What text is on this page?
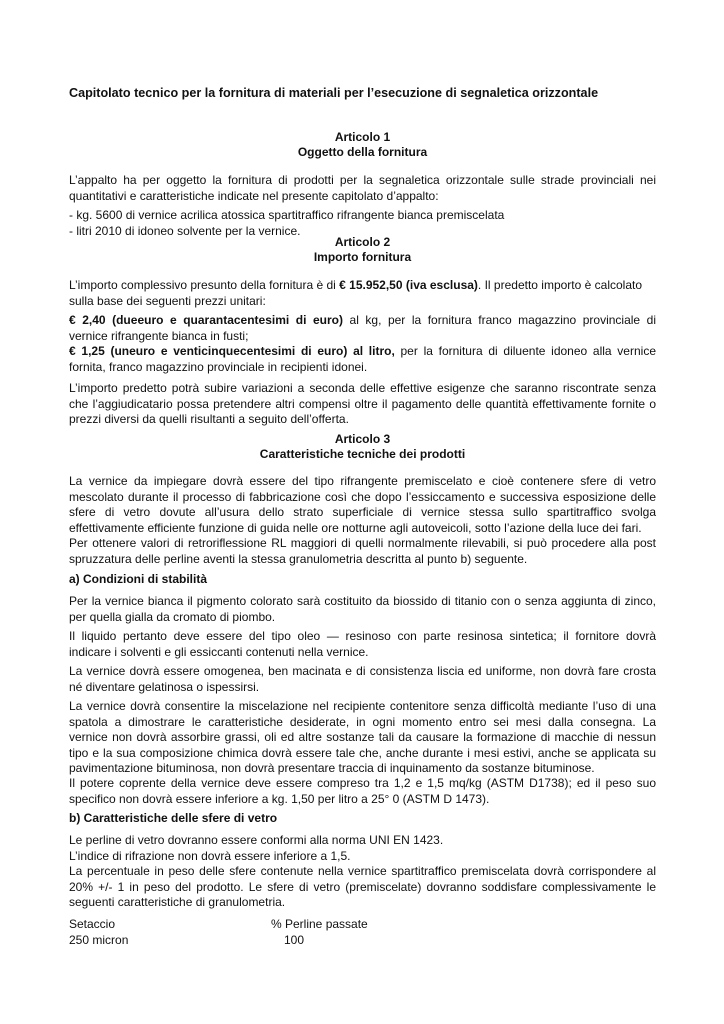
Capitolato tecnico per la fornitura di materiali per l’esecuzione di segnaletica orizzontale
Articolo 1
Oggetto della fornitura
L’appalto ha per oggetto la fornitura di prodotti per la segnaletica orizzontale sulle strade provinciali nei
quantitativi e caratteristiche indicate nel presente capitolato d’appalto:
- kg. 5600 di vernice acrilica atossica spartitraffico rifrangente bianca premiscelata
- litri 2010 di idoneo solvente per la vernice.
Articolo 2
Importo fornitura
L’importo complessivo presunto della fornitura è di € 15.952,50 (iva esclusa). Il predetto importo è calcolato
sulla base dei seguenti prezzi unitari:
€ 2,40 (dueeuro e quarantacentesimi di euro) al kg, per la fornitura franco magazzino provinciale di
vernice rifrangente bianca in fusti;
€ 1,25 (uneuro e venticinquecentesimi di euro) al litro, per la fornitura di diluente idoneo alla vernice
fornita, franco magazzino provinciale in recipienti idonei.
L’importo predetto potrà subire variazioni a seconda delle effettive esigenze che saranno riscontrate senza
che l’aggiudicatario possa pretendere altri compensi oltre il pagamento delle quantità effettivamente fornite o
prezzi diversi da quelli risultanti a seguito dell’offerta.
Articolo 3
Caratteristiche tecniche dei prodotti
La vernice da impiegare dovrà essere del tipo rifrangente premiscelato e cioè contenere sfere di vetro
mescolato durante il processo di fabbricazione così che dopo l’essiccamento e successiva esposizione delle
sfere di vetro dovute all’usura dello strato superficiale di vernice stessa sullo spartitraffico svolga
effettivamente efficiente funzione di guida nelle ore notturne agli autoveicoli, sotto l’azione della luce dei fari.
Per ottenere valori di retroriflessione RL maggiori di quelli normalmente rilevabili, si può procedere alla post
spruzzatura delle perline aventi la stessa granulometria descritta al punto b) seguente.
a) Condizioni di stabilità
Per la vernice bianca il pigmento colorato sarà costituito da biossido di titanio con o senza aggiunta di zinco,
per quella gialla da cromato di piombo.
Il liquido pertanto deve essere del tipo oleo — resinoso con parte resinosa sintetica; il fornitore dovrà
indicare i solventi e gli essiccanti contenuti nella vernice.
La vernice dovrà essere omogenea, ben macinata e di consistenza liscia ed uniforme, non dovrà fare crosta
né diventare gelatinosa o ispessirsi.
La vernice dovrà consentire la miscelazione nel recipiente contenitore senza difficoltà mediante l’uso di una
spatola a dimostrare le caratteristiche desiderate, in ogni momento entro sei mesi dalla consegna. La
vernice non dovrà assorbire grassi, oli ed altre sostanze tali da causare la formazione di macchie di nessun
tipo e la sua composizione chimica dovrà essere tale che, anche durante i mesi estivi, anche se applicata su
pavimentazione bituminosa, non dovrà presentare traccia di inquinamento da sostanze bituminose.
Il potere coprente della vernice deve essere compreso tra 1,2 e 1,5 mq/kg (ASTM D1738); ed il peso suo
specifico non dovrà essere inferiore a kg. 1,50 per litro a 25° 0 (ASTM D 1473).
b) Caratteristiche delle sfere di vetro
Le perline di vetro dovranno essere conformi alla norma UNI EN 1423.
L’indice di rifrazione non dovrà essere inferiore a 1,5.
La percentuale in peso delle sfere contenute nella vernice spartitraffico premiscelata dovrà corrispondere al
20% +/- 1 in peso del prodotto. Le sfere di vetro (premiscelate) dovranno soddisfare complessivamente le
seguenti caratteristiche di granulometria.
Setaccio	% Perline passate
250 micron	100
